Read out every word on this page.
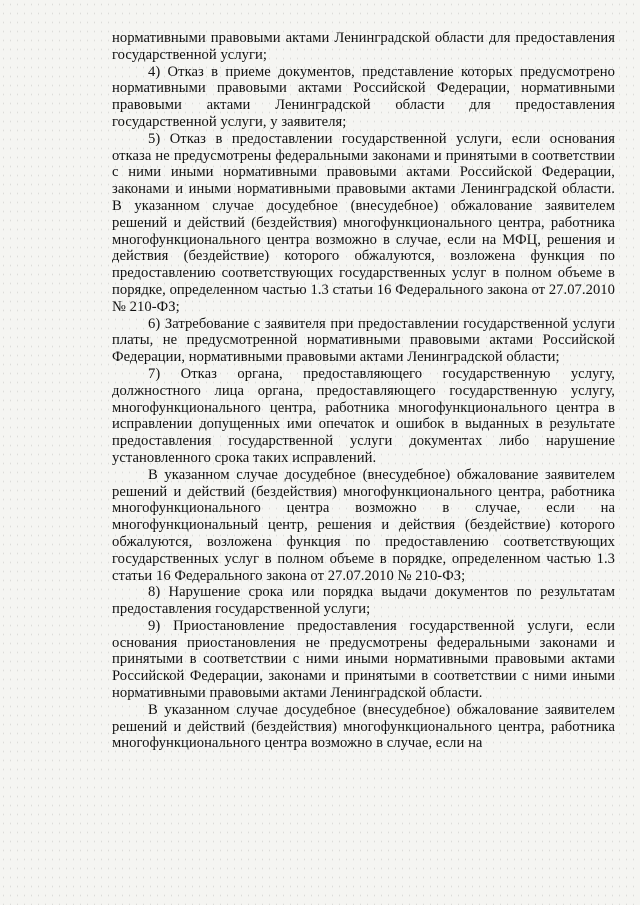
нормативными правовыми актами Ленинградской области для предоставления государственной услуги;

4) Отказ в приеме документов, представление которых предусмотрено нормативными правовыми актами Российской Федерации, нормативными правовыми актами Ленинградской области для предоставления государственной услуги, у заявителя;

5) Отказ в предоставлении государственной услуги, если основания отказа не предусмотрены федеральными законами и принятыми в соответствии с ними иными нормативными правовыми актами Российской Федерации, законами и иными нормативными правовыми актами Ленинградской области. В указанном случае досудебное (внесудебное) обжалование заявителем решений и действий (бездействия) многофункционального центра, работника многофункционального центра возможно в случае, если на МФЦ, решения и действия (бездействие) которого обжалуются, возложена функция по предоставлению соответствующих государственных услуг в полном объеме в порядке, определенном частью 1.3 статьи 16 Федерального закона от 27.07.2010 № 210-ФЗ;

6) Затребование с заявителя при предоставлении государственной услуги платы, не предусмотренной нормативными правовыми актами Российской Федерации, нормативными правовыми актами Ленинградской области;

7) Отказ органа, предоставляющего государственную услугу, должностного лица органа, предоставляющего государственную услугу, многофункционального центра, работника многофункционального центра в исправлении допущенных ими опечаток и ошибок в выданных в результате предоставления государственной услуги документах либо нарушение установленного срока таких исправлений.

В указанном случае досудебное (внесудебное) обжалование заявителем решений и действий (бездействия) многофункционального центра, работника многофункционального центра возможно в случае, если на многофункциональный центр, решения и действия (бездействие) которого обжалуются, возложена функция по предоставлению соответствующих государственных услуг в полном объеме в порядке, определенном частью 1.3 статьи 16 Федерального закона от 27.07.2010 № 210-ФЗ;

8) Нарушение срока или порядка выдачи документов по результатам предоставления государственной услуги;

9) Приостановление предоставления государственной услуги, если основания приостановления не предусмотрены федеральными законами и принятыми в соответствии с ними иными нормативными правовыми актами Российской Федерации, законами и принятыми в соответствии с ними иными нормативными правовыми актами Ленинградской области.

В указанном случае досудебное (внесудебное) обжалование заявителем решений и действий (бездействия) многофункционального центра, работника многофункционального центра возможно в случае, если на
